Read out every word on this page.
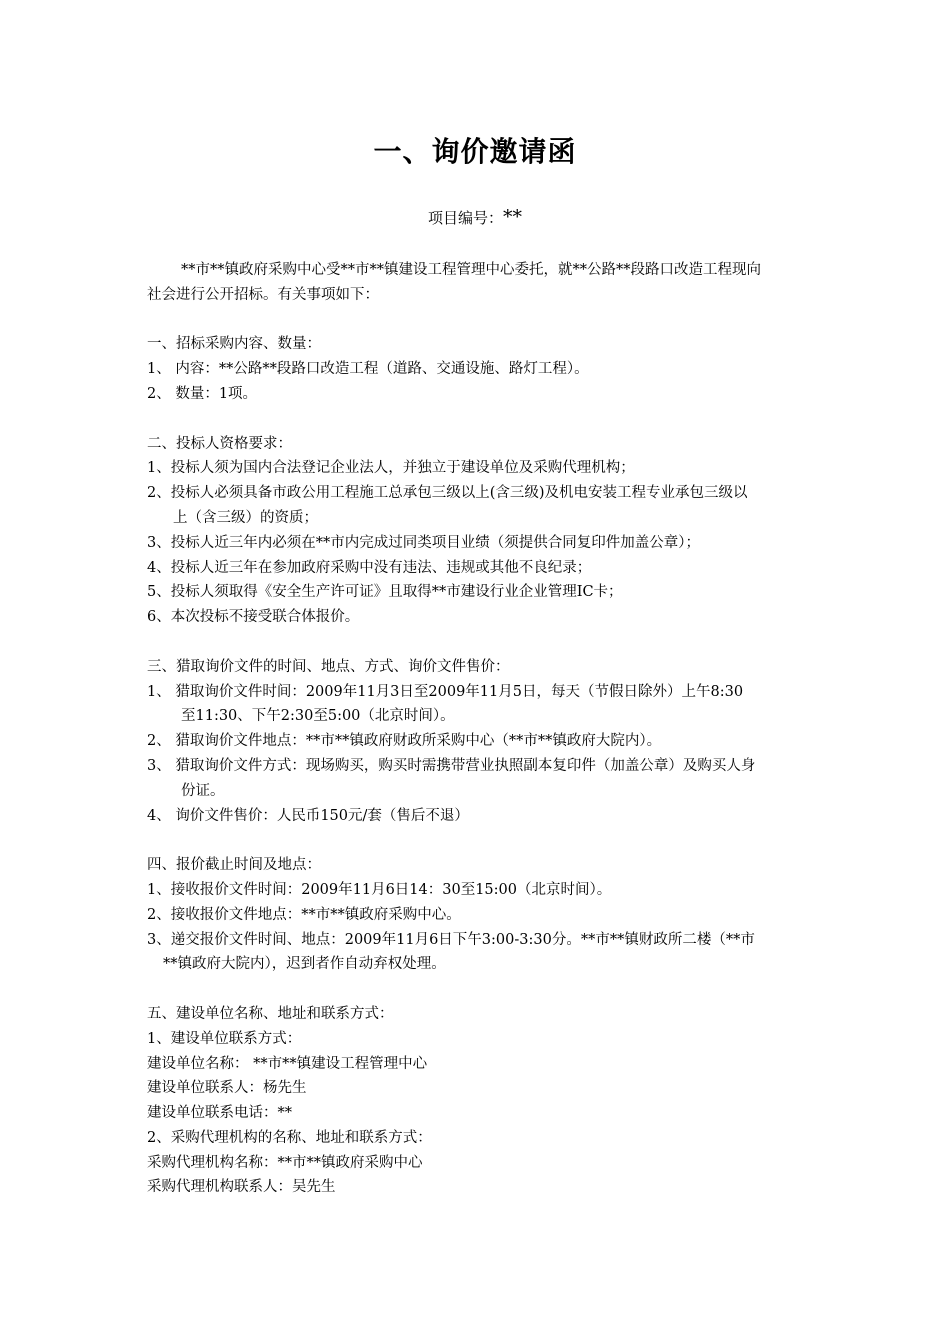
一、询价邀请函
项目编号：**
**市**镇政府采购中心受**市**镇建设工程管理中心委托，就**公路**段路口改造工程现向
社会进行公开招标。有关事项如下：
一、招标采购内容、数量：
1、 内容：**公路**段路口改造工程（道路、交通设施、路灯工程）。
2、 数量：1项。
二、投标人资格要求：
1、投标人须为国内合法登记企业法人，并独立于建设单位及采购代理机构；
2、投标人必须具备市政公用工程施工总承包三级以上(含三级)及机电安装工程专业承包三级以
上（含三级）的资质；
3、投标人近三年内必须在**市内完成过同类项目业绩（须提供合同复印件加盖公章）；
4、投标人近三年在参加政府采购中没有违法、违规或其他不良纪录；
5、投标人须取得《安全生产许可证》且取得**市建设行业企业管理IC卡；
6、本次投标不接受联合体报价。
三、猎取询价文件的时间、地点、方式、询价文件售价：
1、 猎取询价文件时间：2009年11月3日至2009年11月5日，每天（节假日除外）上午8:30
至11:30、下午2:30至5:00（北京时间）。
2、 猎取询价文件地点：**市**镇政府财政所采购中心（**市**镇政府大院内）。
3、 猎取询价文件方式：现场购买，购买时需携带营业执照副本复印件（加盖公章）及购买人身
份证。
4、 询价文件售价：人民币150元/套（售后不退）
四、报价截止时间及地点：
1、接收报价文件时间：2009年11月6日14：30至15:00（北京时间）。
2、接收报价文件地点：**市**镇政府采购中心。
3、递交报价文件时间、地点：2009年11月6日下午3:00-3:30分。**市**镇财政所二楼（**市
**镇政府大院内），迟到者作自动弃权处理。
五、建设单位名称、地址和联系方式：
1、建设单位联系方式：
建设单位名称： **市**镇建设工程管理中心
建设单位联系人：杨先生
建设单位联系电话：**
2、采购代理机构的名称、地址和联系方式：
采购代理机构名称：**市**镇政府采购中心
采购代理机构联系人：吴先生
